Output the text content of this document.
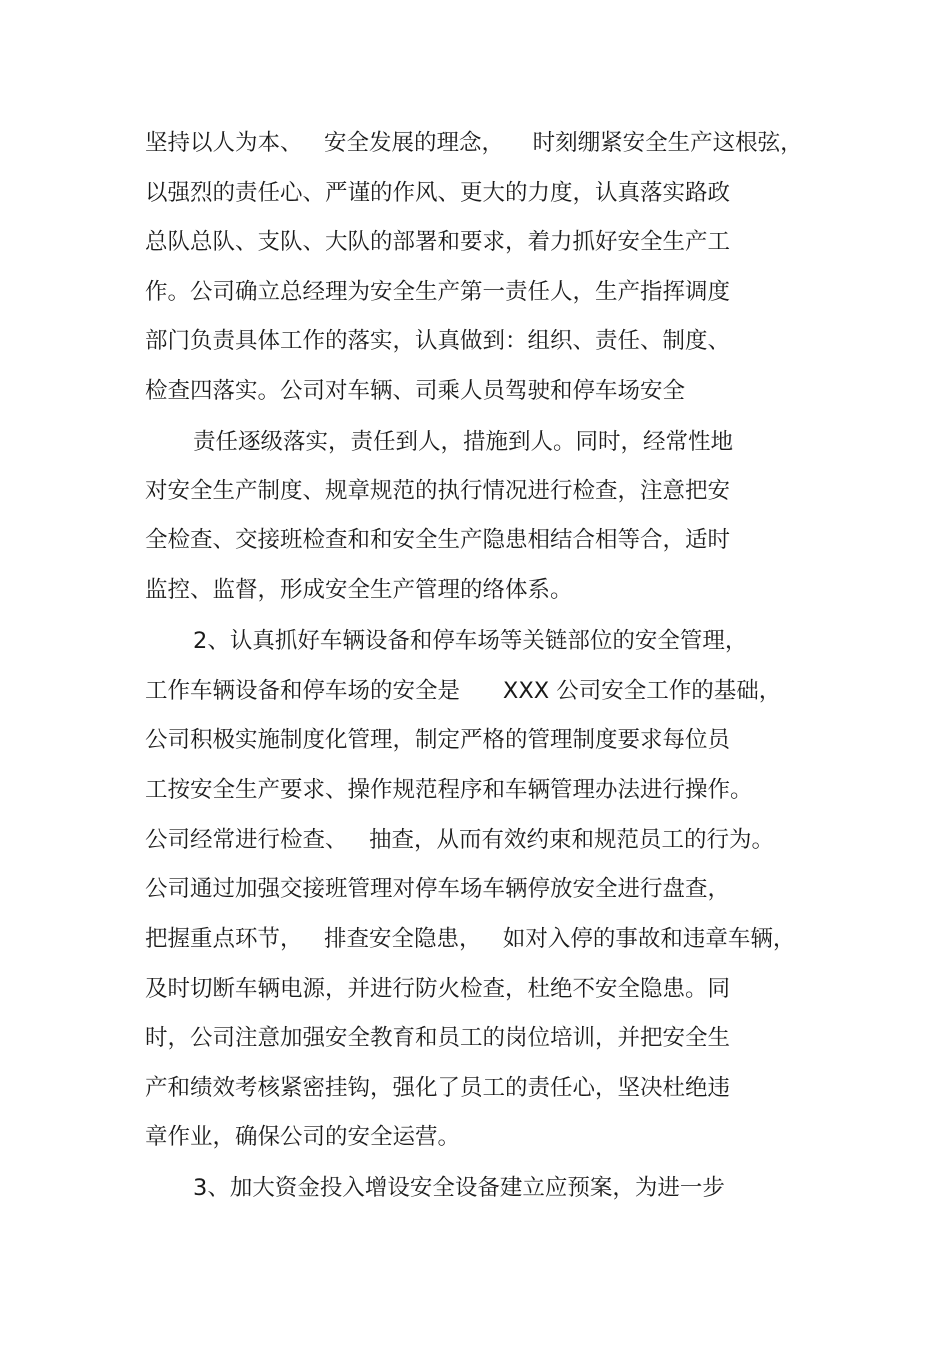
坚持以人为本、   安全发展的理念，    时刻绷紧安全生产这根弦，
以强烈的责任心、严谨的作风、更大的力度，认真落实路政
总队总队、支队、大队的部署和要求，着力抓好安全生产工
作。公司确立总经理为安全生产第一责任人，生产指挥调度
部门负责具体工作的落实，认真做到：组织、责任、制度、
检查四落实。公司对车辆、司乘人员驾驶和停车场安全
责任逐级落实，责任到人，措施到人。同时，经常性地
对安全生产制度、规章规范的执行情况进行检查，注意把安
全检查、交接班检查和和安全生产隐患相结合相等合，适时
监控、监督，形成安全生产管理的络体系。
2、认真抓好车辆设备和停车场等关链部位的安全管理，
工作车辆设备和停车场的安全是      XXX 公司安全工作的基础，
公司积极实施制度化管理，制定严格的管理制度要求每位员
工按安全生产要求、操作规范程序和车辆管理办法进行操作。
公司经常进行检查、   抽查，从而有效约束和规范员工的行为。
公司通过加强交接班管理对停车场车辆停放安全进行盘查，
把握重点环节，   排查安全隐患，   如对入停的事故和违章车辆，
及时切断车辆电源，并进行防火检查，杜绝不安全隐患。同
时，公司注意加强安全教育和员工的岗位培训，并把安全生
产和绩效考核紧密挂钩，强化了员工的责任心，坚决杜绝违
章作业，确保公司的安全运营。
3、加大资金投入增设安全设备建立应预案，为进一步
